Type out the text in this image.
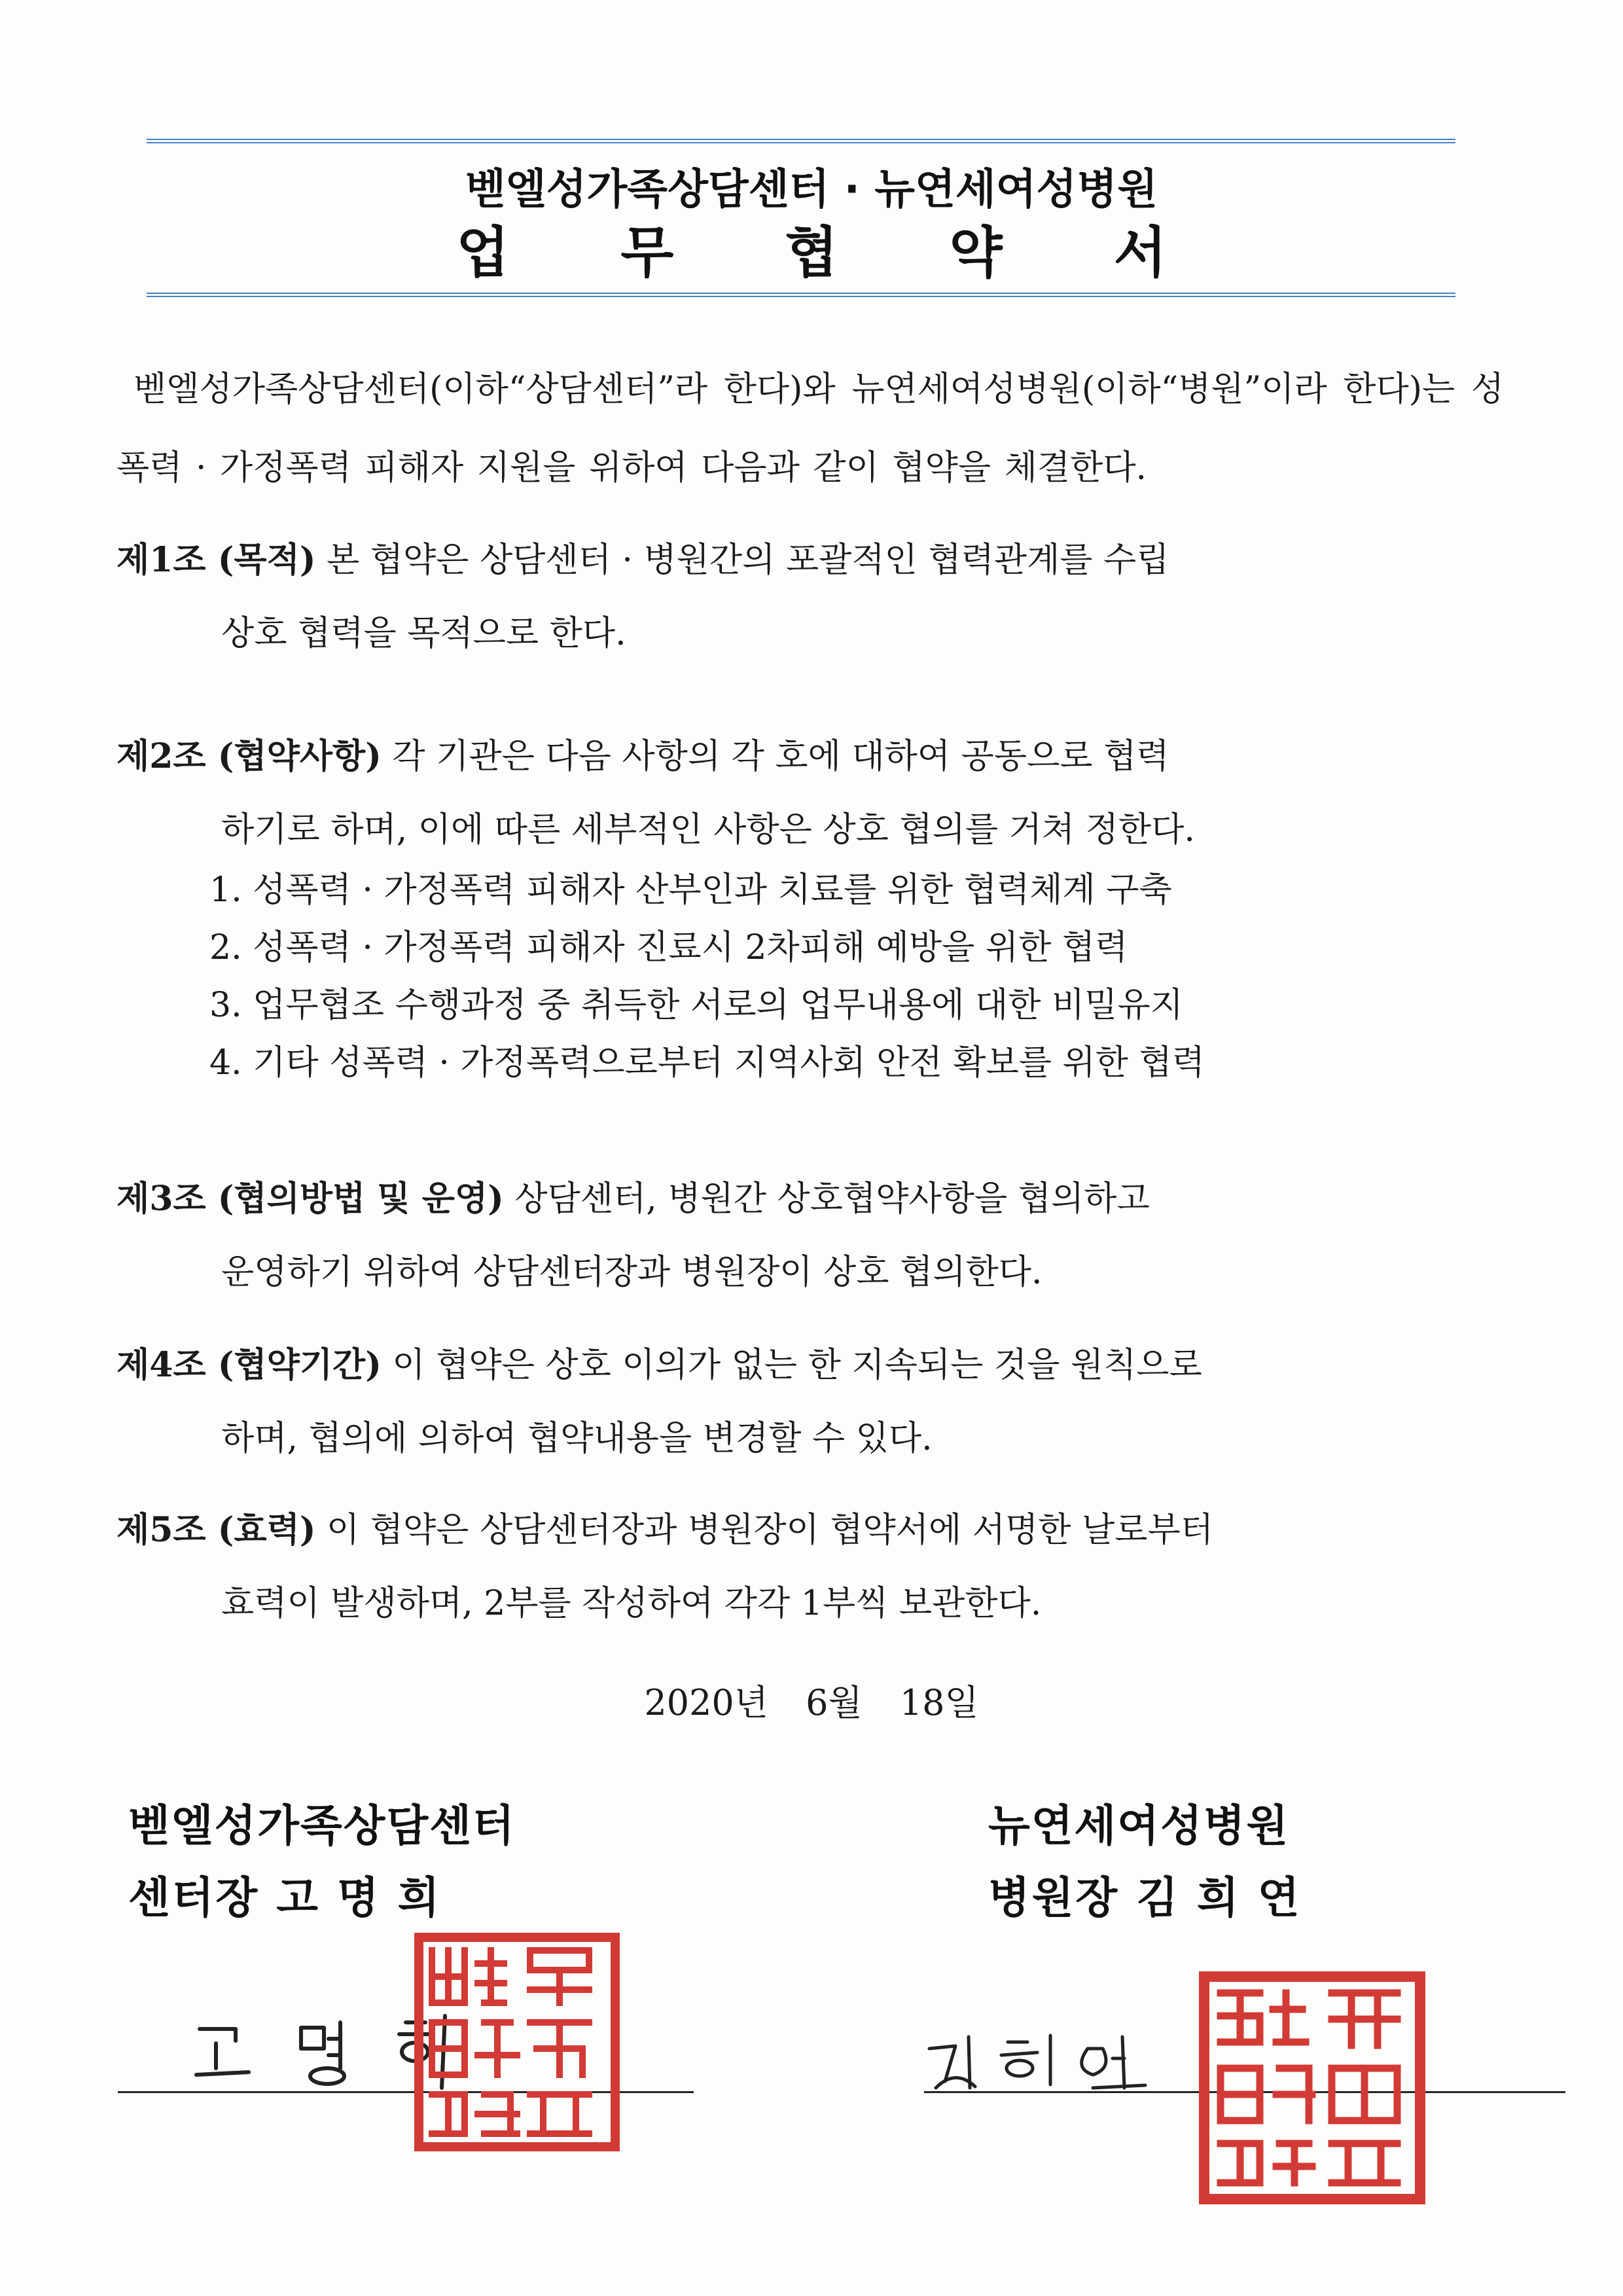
벧엘성가족상담센터 · 뉴연세여성병원
업무협약서
벧엘성가족상담센터(이하“상담센터”라 한다)와 뉴연세여성병원(이하“병원”이라 한다)는 성폭력 · 가정폭력 피해자 지원을 위하여 다음과 같이 협약을 체결한다.
제1조 (목적) 본 협약은 상담센터 · 병원간의 포괄적인 협력관계를 수립
상호 협력을 목적으로 한다.
제2조 (협약사항) 각 기관은 다음 사항의 각 호에 대하여 공동으로 협력
하기로 하며, 이에 따른 세부적인 사항은 상호 협의를 거쳐 정한다.
1. 성폭력 · 가정폭력 피해자 산부인과 치료를 위한 협력체계 구축
2. 성폭력 · 가정폭력 피해자 진료시 2차피해 예방을 위한 협력
3. 업무협조 수행과정 중 취득한 서로의 업무내용에 대한 비밀유지
4. 기타 성폭력 · 가정폭력으로부터 지역사회 안전 확보를 위한 협력
제3조 (협의방법 및 운영) 상담센터, 병원간 상호협약사항을 협의하고
운영하기 위하여 상담센터장과 병원장이 상호 협의한다.
제4조 (협약기간) 이 협약은 상호 이의가 없는 한 지속되는 것을 원칙으로
하며, 협의에 의하여 협약내용을 변경할 수 있다.
제5조 (효력) 이 협약은 상담센터장과 병원장이 협약서에 서명한 날로부터
효력이 발생하며, 2부를 작성하여 각각 1부씩 보관한다.
2020년 6월 18일
벧엘성가족상담센터
센터장 고 명 희
뉴연세여성병원
병원장 김 희 연
